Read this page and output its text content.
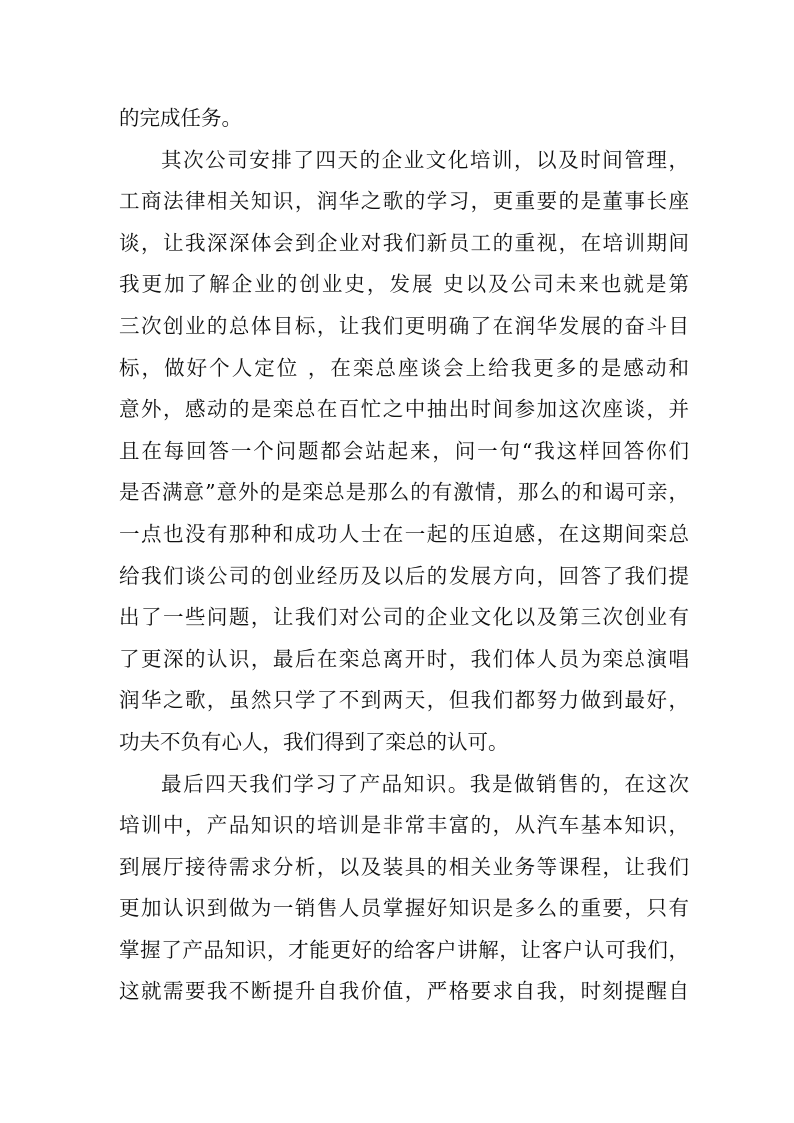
的完成任务。
其次公司安排了四天的企业文化培训，以及时间管理，
工商法律相关知识，润华之歌的学习，更重要的是董事长座
谈，让我深深体会到企业对我们新员工的重视，在培训期间
我更加了解企业的创业史，发展 史以及公司未来也就是第
三次创业的总体目标，让我们更明确了在润华发展的奋斗目
标，做好个人定位 ，在栾总座谈会上给我更多的是感动和
意外，感动的是栾总在百忙之中抽出时间参加这次座谈，并
且在每回答一个问题都会站起来，问一句“我这样回答你们
是否满意”意外的是栾总是那么的有激情，那么的和谒可亲，
一点也没有那种和成功人士在一起的压迫感，在这期间栾总
给我们谈公司的创业经历及以后的发展方向，回答了我们提
出了一些问题，让我们对公司的企业文化以及第三次创业有
了更深的认识，最后在栾总离开时，我们体人员为栾总演唱
润华之歌，虽然只学了不到两天，但我们都努力做到最好，
功夫不负有心人，我们得到了栾总的认可。
最后四天我们学习了产品知识。我是做销售的，在这次
培训中，产品知识的培训是非常丰富的，从汽车基本知识，
到展厅接待需求分析，以及装具的相关业务等课程，让我们
更加认识到做为一销售人员掌握好知识是多么的重要，只有
掌握了产品知识，才能更好的给客户讲解，让客户认可我们，
这就需要我不断提升自我价值，严格要求自我，时刻提醒自
